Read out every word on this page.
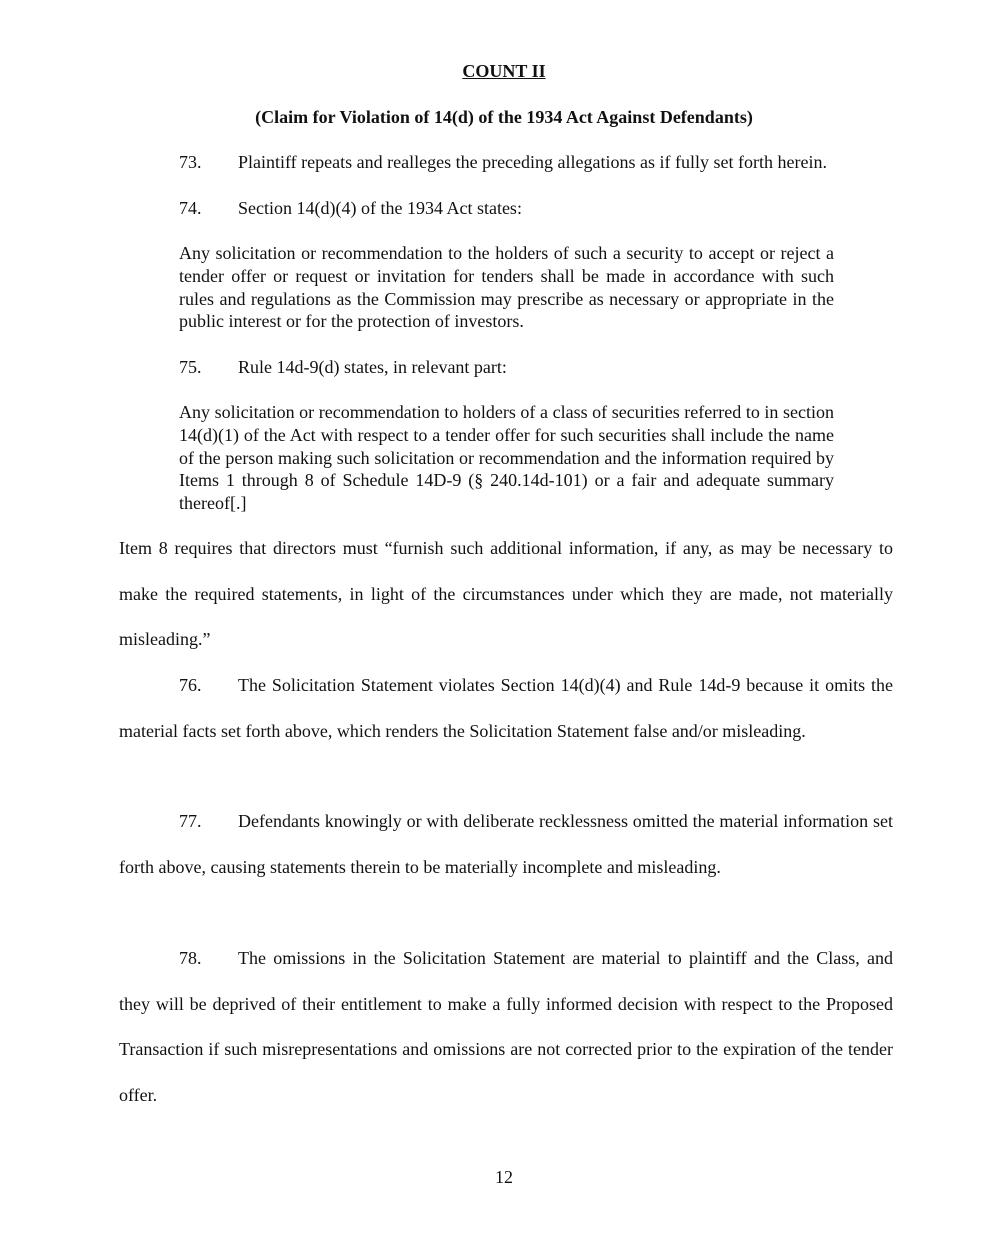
COUNT II
(Claim for Violation of 14(d) of the 1934 Act Against Defendants)
73. Plaintiff repeats and realleges the preceding allegations as if fully set forth herein.
74. Section 14(d)(4) of the 1934 Act states:
Any solicitation or recommendation to the holders of such a security to accept or reject a tender offer or request or invitation for tenders shall be made in accordance with such rules and regulations as the Commission may prescribe as necessary or appropriate in the public interest or for the protection of investors.
75. Rule 14d-9(d) states, in relevant part:
Any solicitation or recommendation to holders of a class of securities referred to in section 14(d)(1) of the Act with respect to a tender offer for such securities shall include the name of the person making such solicitation or recommendation and the information required by Items 1 through 8 of Schedule 14D-9 (§ 240.14d-101) or a fair and adequate summary thereof[.]
Item 8 requires that directors must “furnish such additional information, if any, as may be necessary to make the required statements, in light of the circumstances under which they are made, not materially misleading.”
76. The Solicitation Statement violates Section 14(d)(4) and Rule 14d-9 because it omits the material facts set forth above, which renders the Solicitation Statement false and/or misleading.
77. Defendants knowingly or with deliberate recklessness omitted the material information set forth above, causing statements therein to be materially incomplete and misleading.
78. The omissions in the Solicitation Statement are material to plaintiff and the Class, and they will be deprived of their entitlement to make a fully informed decision with respect to the Proposed Transaction if such misrepresentations and omissions are not corrected prior to the expiration of the tender offer.
12
